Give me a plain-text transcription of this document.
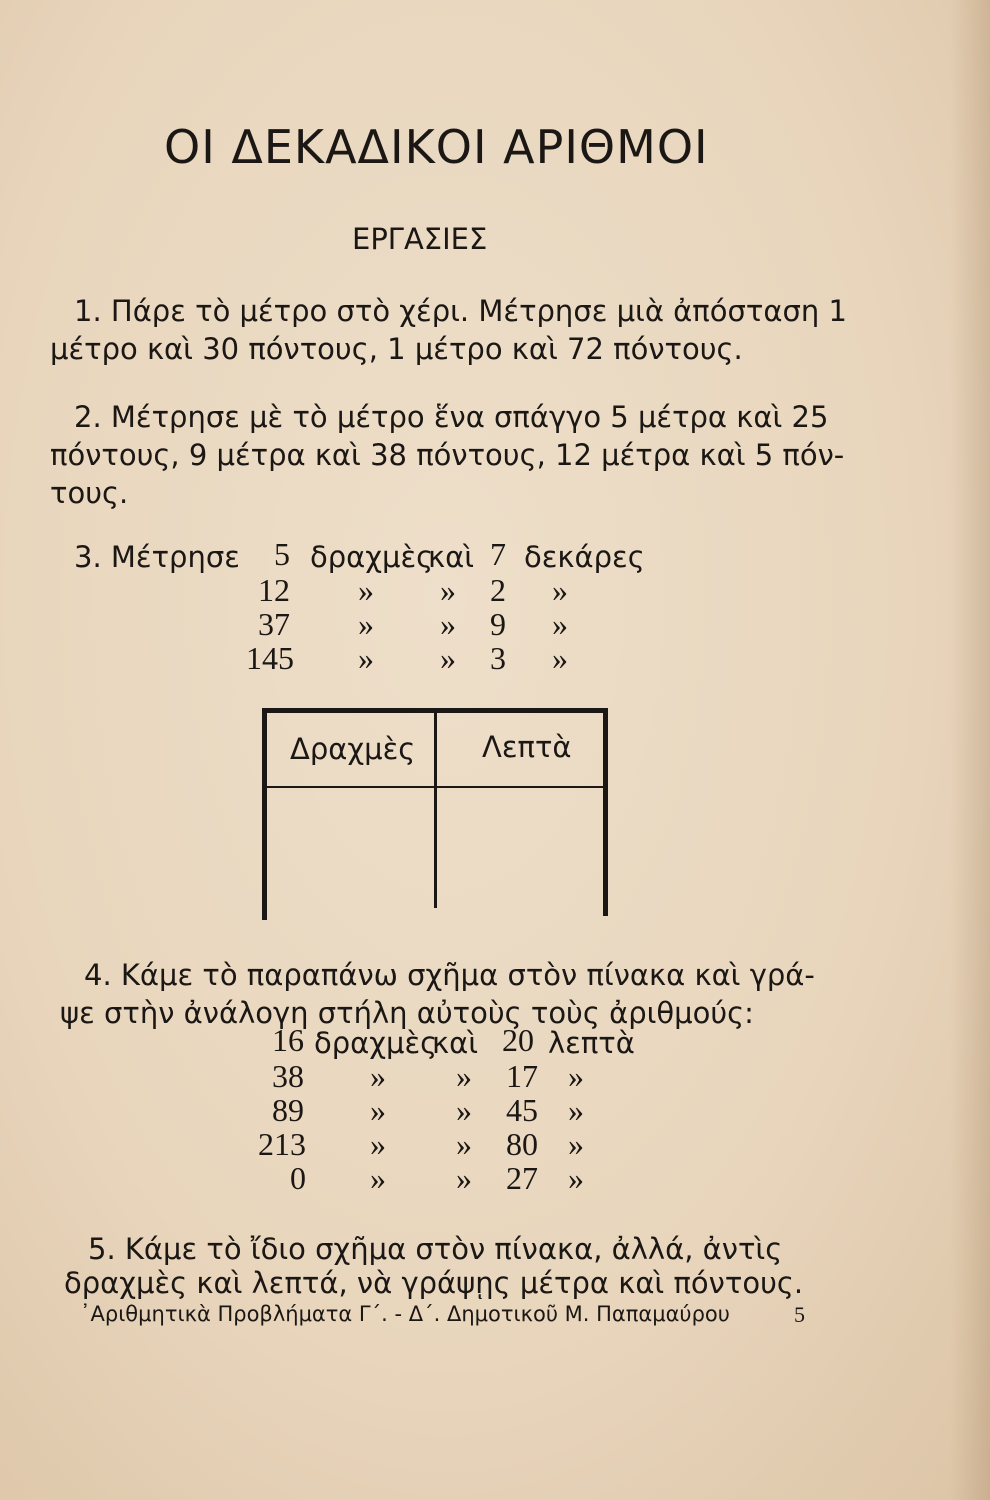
ΟΙ ΔΕΚΑΔΙΚΟΙ ΑΡΙΘΜΟΙ
ΕΡΓΑΣΙΕΣ
1. Πάρε τὸ μέτρο στὸ χέρι. Μέτρησε μιὰ ἀπόσταση 1
μέτρο καὶ 30 πόντους, 1 μέτρο καὶ 72 πόντους.
2. Μέτρησε μὲ τὸ μέτρο ἕνα σπάγγο 5 μέτρα καὶ 25
πόντους, 9 μέτρα καὶ 38 πόντους, 12 μέτρα καὶ 5 πόν-
τους.
3. Μέτρησε 5 δραχμὲς
καὶ 7 δεκάρες
12 » » 2 »
37 » » 9 »
145 » » 3 »
Δραχμὲς Λεπτὰ
4. Κάμε τὸ παραπάνω σχῆμα στὸν πίνακα καὶ γρά-
ψε στὴν ἀνάλογη στήλη αὐτοὺς τοὺς ἀριθμούς:
16 δραχμὲς
καὶ 20 λεπτὰ
38 » » 17 »
89 » » 45 »
213 » » 80 »
0 » » 27 »
5. Κάμε τὸ ἴδιο σχῆμα στὸν πίνακα, ἀλλά, ἀντὶς
δραχμὲς καὶ λεπτά, νὰ γράψῃς μέτρα καὶ πόντους.
᾽Αριθμητικὰ Προβλήματα Γ΄. - Δ΄. Δημοτικοῦ Μ. Παπαμαύρου	5
